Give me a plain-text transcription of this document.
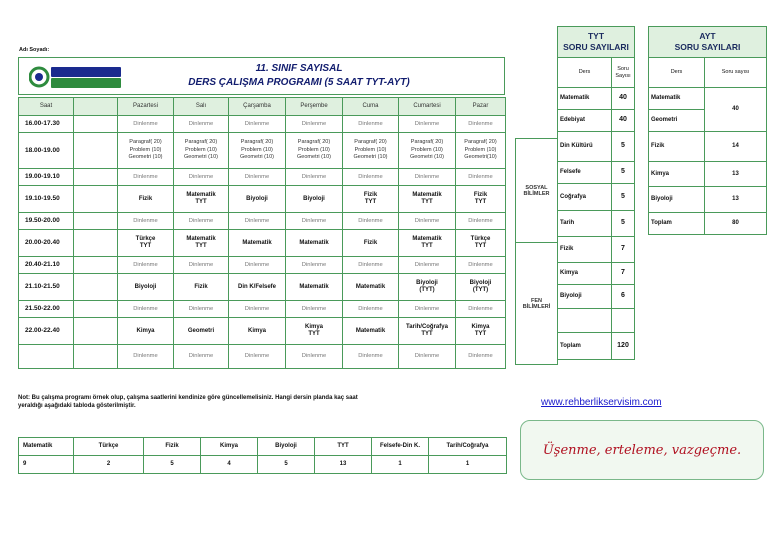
Adı Soyadı:
11. SINIF SAYISAL
DERS ÇALIŞMA PROGRAMI (5 SAAT TYT-AYT)
Saat		Pazartesi	Salı	Çarşamba	Perşembe	Cuma	Cumartesi	Pazar
16.00-17.30		Dinlenme	Dinlenme	Dinlenme	Dinlenme	Dinlenme	Dinlenme	Dinlenme
18.00-19.00		Paragraf( 20)
Problem (10)
Geometri (10)	Paragraf( 20)
Problem (10)
Geometri (10)	Paragraf( 20)
Problem (10)
Geometri (10)	Paragraf( 20)
Problem (10)
Geometri (10)	Paragraf( 20)
Problem (10)
Geometri (10)	Paragraf( 20)
Problem (10)
Geometri (10)	Paragraf( 20)
Problem (10)
Geometri(10)
19.00-19.10		Dinlenme	Dinlenme	Dinlenme	Dinlenme	Dinlenme	Dinlenme	Dinlenme
19.10-19.50		Fizik	Matematik
TYT	Biyoloji	Biyoloji	Fizik
TYT	Matematik
TYT	Fizik
TYT
19.50-20.00		Dinlenme	Dinlenme	Dinlenme	Dinlenme	Dinlenme	Dinlenme	Dinlenme
20.00-20.40		Türkçe
TYT	Matematik
TYT	Matematik	Matematik	Fizik	Matematik
TYT	Türkçe
TYT
20.40-21.10		Dinlenme	Dinlenme	Dinlenme	Dinlenme	Dinlenme	Dinlenme	Dinlenme
21.10-21.50		Biyoloji	Fizik	Din K/Felsefe	Matematik	Matematik	Biyoloji
(TYT)	Biyoloji
(TYT)
21.50-22.00		Dinlenme	Dinlenme	Dinlenme	Dinlenme	Dinlenme	Dinlenme	Dinlenme
22.00-22.40		Kimya	Geometri	Kimya	Kimya
TYT	Matematik	Tarih/Coğrafya
TYT	Kimya
TYT
		Dinlenme	Dinlenme	Dinlenme	Dinlenme	Dinlenme	Dinlenme	Dinlenme
TYT
SORU SAYILARI	
Ders	Soru
Sayısı
Matematik	40
Edebiyat	40
Din Kültürü	5
Felsefe	5
Coğrafya	5
Tarih	5
Fizik	7
Kimya	7
Biyoloji	6

Toplam	120
SOSYAL
BİLİMLER
FEN
BİLİMLERİ
AYT
SORU SAYILARI	
Ders	Soru sayısı
Matematik	40
Geometri	
Fizik	14
Kimya	13
Biyoloji	13
Toplam	80
Not: Bu çalışma programı örnek olup, çalışma saatlerini kendinize göre güncellemelisiniz. Hangi dersin planda kaç saat yeraldığı aşağıdaki tabloda gösterilmiştir.	www.rehberlikservisim.com
Üşenme, erteleme, vazgeçme.
Matematik	Türkçe	Fizik	Kimya	Biyoloji	TYT	Felsefe-Din K.	Tarih/Coğrafya
9	2	5	4	5	13	1	1
